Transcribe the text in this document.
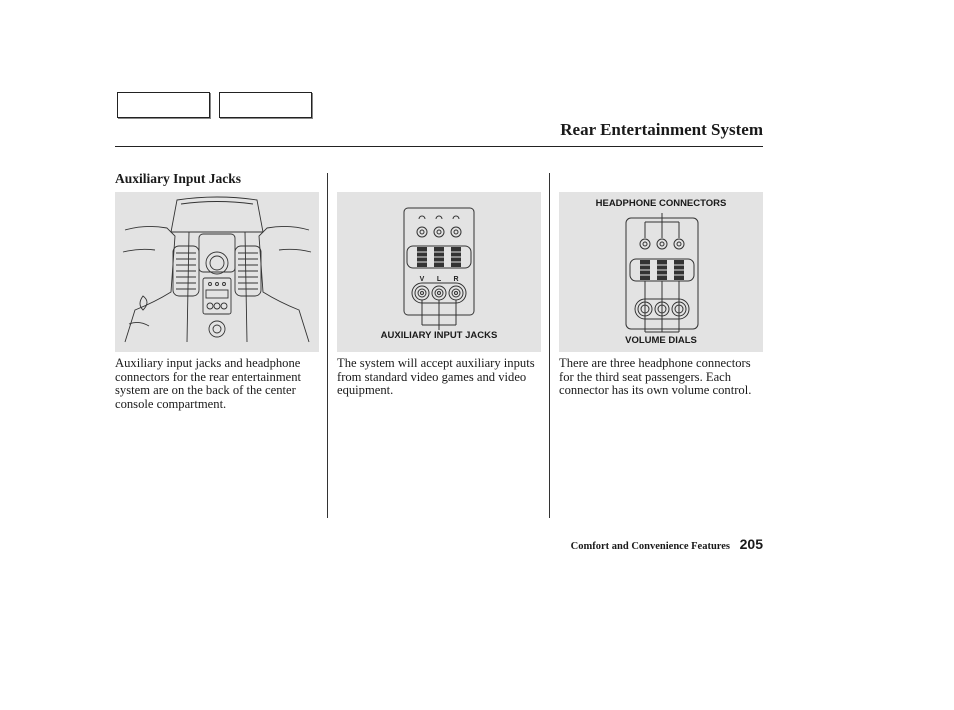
Rear Entertainment System
Auxiliary Input Jacks
V L R
AUXILIARY INPUT JACKS
HEADPHONE CONNECTORS
VOLUME DIALS

Auxiliary input jacks and headphone connectors for the rear entertainment system are on the back of the center console compartment.

The system will accept auxiliary inputs from standard video games and video equipment.

There are three headphone connectors for the third seat passengers. Each connector has its own volume control.

Comfort and Convenience Features 205
